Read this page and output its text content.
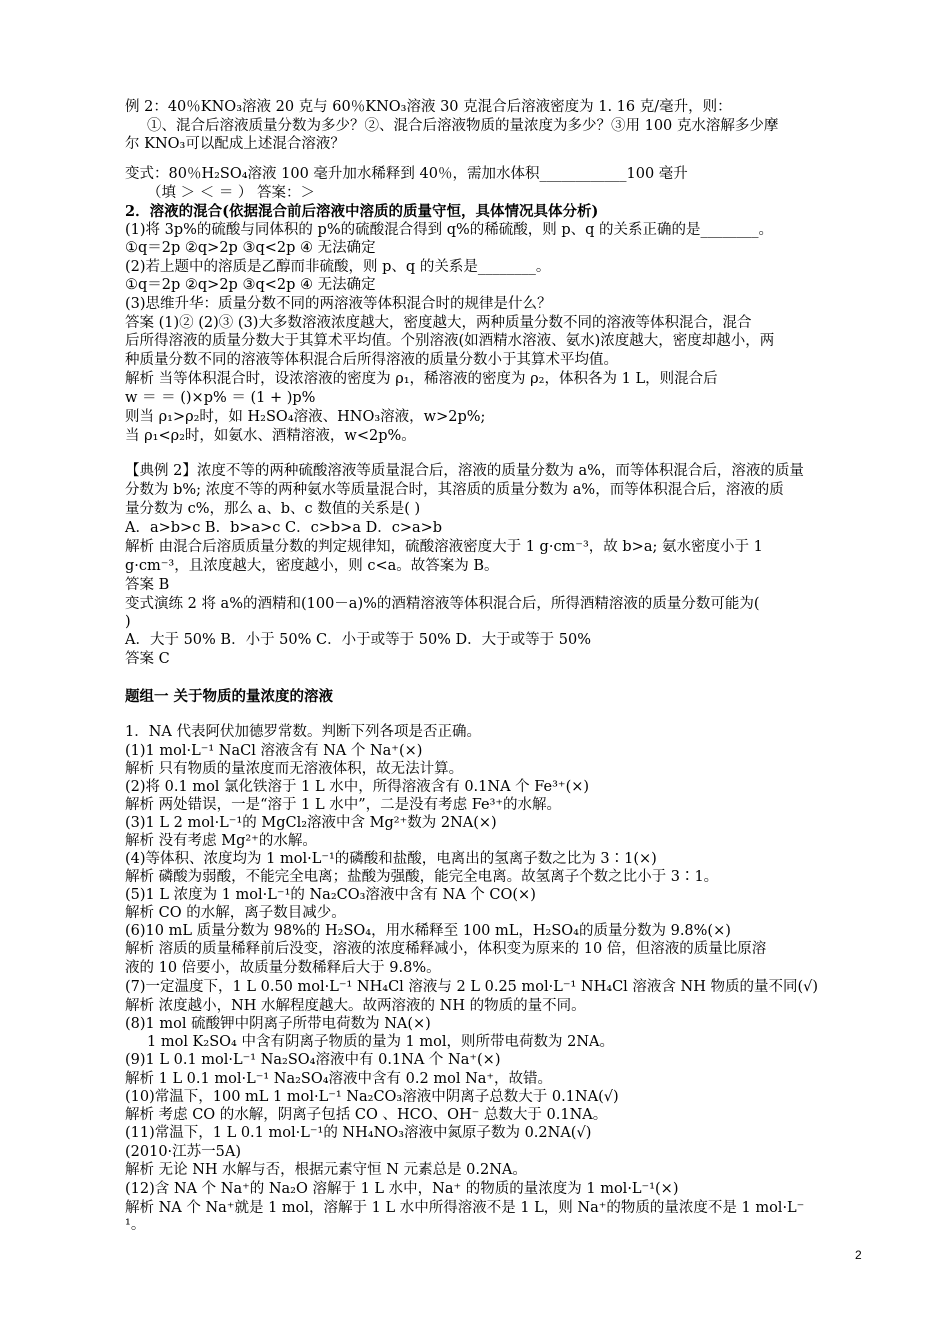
例 2：40％KNO₃溶液 20 克与 60％KNO₃溶液 30 克混合后溶液密度为 1. 16 克/毫升，则：
①、混合后溶液质量分数为多少？②、混合后溶液物质的量浓度为多少？③用 100 克水溶解多少摩
尔 KNO₃可以配成上述混合溶液？
变式：80％H₂SO₄溶液 100 毫升加水稀释到 40％，需加水体积____________100 毫升
（填 ＞ ＜ ＝ ） 答案：＞
2．溶液的混合(依据混合前后溶液中溶质的质量守恒，具体情况具体分析)
(1)将 3p%的硫酸与同体积的 p%的硫酸混合得到 q%的稀硫酸，则 p、q 的关系正确的是________。
①q＝2p ②q>2p ③q<2p ④ 无法确定
(2)若上题中的溶质是乙醇而非硫酸，则 p、q 的关系是________。
①q＝2p ②q>2p ③q<2p ④ 无法确定
(3)思维升华：质量分数不同的两溶液等体积混合时的规律是什么？
答案 (1)② (2)③ (3)大多数溶液浓度越大，密度越大，两种质量分数不同的溶液等体积混合，混合
后所得溶液的质量分数大于其算术平均值。个别溶液(如酒精水溶液、氨水)浓度越大，密度却越小，两
种质量分数不同的溶液等体积混合后所得溶液的质量分数小于其算术平均值。
解析 当等体积混合时，设浓溶液的密度为 ρ₁，稀溶液的密度为 ρ₂，体积各为 1 L，则混合后
w ＝ ＝ ()×p% ＝ (1 + )p%
则当 ρ₁>ρ₂时，如 H₂SO₄溶液、HNO₃溶液，w>2p%;
当 ρ₁<ρ₂时，如氨水、酒精溶液，w<2p%。
【典例 2】浓度不等的两种硫酸溶液等质量混合后，溶液的质量分数为 a%，而等体积混合后，溶液的质量
分数为 b%; 浓度不等的两种氨水等质量混合时，其溶质的质量分数为 a%，而等体积混合后，溶液的质
量分数为 c%，那么 a、b、c 数值的关系是( )
A．a>b>c B．b>a>c C．c>b>a D．c>a>b
解析 由混合后溶质质量分数的判定规律知，硫酸溶液密度大于 1 g·cm⁻³，故 b>a; 氨水密度小于 1
g·cm⁻³，且浓度越大，密度越小，则 c<a。故答案为 B。
答案 B
变式演练 2 将 a%的酒精和(100－a)%的酒精溶液等体积混合后，所得酒精溶液的质量分数可能为(
)
A．大于 50% B．小于 50% C．小于或等于 50% D．大于或等于 50%
答案 C
题组一 关于物质的量浓度的溶液
1．NA 代表阿伏加德罗常数。判断下列各项是否正确。
(1)1 mol·L⁻¹ NaCl 溶液含有 NA 个 Na⁺(×)
解析 只有物质的量浓度而无溶液体积，故无法计算。
(2)将 0.1 mol 氯化铁溶于 1 L 水中，所得溶液含有 0.1NA 个 Fe³⁺(×)
解析 两处错误，一是“溶于 1 L 水中”，二是没有考虑 Fe³⁺的水解。
(3)1 L 2 mol·L⁻¹的 MgCl₂溶液中含 Mg²⁺数为 2NA(×)
解析 没有考虑 Mg²⁺的水解。
(4)等体积、浓度均为 1 mol·L⁻¹的磷酸和盐酸，电离出的氢离子数之比为 3∶1(×)
解析 磷酸为弱酸，不能完全电离；盐酸为强酸，能完全电离。故氢离子个数之比小于 3∶1。
(5)1 L 浓度为 1 mol·L⁻¹的 Na₂CO₃溶液中含有 NA 个 CO(×)
解析 CO 的水解，离子数目减少。
(6)10 mL 质量分数为 98%的 H₂SO₄，用水稀释至 100 mL，H₂SO₄的质量分数为 9.8%(×)
解析 溶质的质量稀释前后没变，溶液的浓度稀释减小，体积变为原来的 10 倍，但溶液的质量比原溶
液的 10 倍要小，故质量分数稀释后大于 9.8%。
(7)一定温度下，1 L 0.50 mol·L⁻¹ NH₄Cl 溶液与 2 L 0.25 mol·L⁻¹ NH₄Cl 溶液含 NH 物质的量不同(√)
解析 浓度越小，NH 水解程度越大。故两溶液的 NH 的物质的量不同。
(8)1 mol 硫酸钾中阴离子所带电荷数为 NA(×)
1 mol K₂SO₄ 中含有阴离子物质的量为 1 mol，则所带电荷数为 2NA。
(9)1 L 0.1 mol·L⁻¹ Na₂SO₄溶液中有 0.1NA 个 Na⁺(×)
解析 1 L 0.1 mol·L⁻¹ Na₂SO₄溶液中含有 0.2 mol Na⁺，故错。
(10)常温下，100 mL 1 mol·L⁻¹ Na₂CO₃溶液中阴离子总数大于 0.1NA(√)
解析 考虑 CO 的水解，阴离子包括 CO 、HCO、OH⁻ 总数大于 0.1NA。
(11)常温下，1 L 0.1 mol·L⁻¹的 NH₄NO₃溶液中氮原子数为 0.2NA(√)
(2010·江苏一5A)
解析 无论 NH 水解与否，根据元素守恒 N 元素总是 0.2NA。
(12)含 NA 个 Na⁺的 Na₂O 溶解于 1 L 水中，Na⁺ 的物质的量浓度为 1 mol·L⁻¹(×)
解析 NA 个 Na⁺就是 1 mol，溶解于 1 L 水中所得溶液不是 1 L，则 Na⁺的物质的量浓度不是 1 mol·L⁻
¹。
2
